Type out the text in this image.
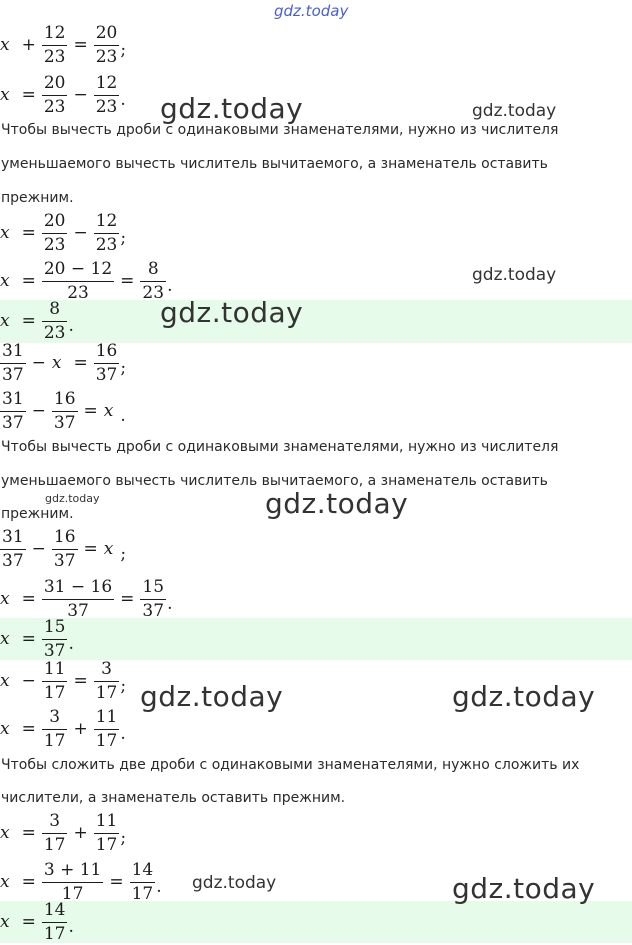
$x + \frac{12}{23} = \frac{20}{23}$ ;
$x = \frac{20}{23} - \frac{12}{23}$ .
Чтобы вычесть дроби с одинаковыми знаменателями, нужно из числителя
уменьшаемого вычесть числитель вычитаемого, а знаменатель оставить
прежним.
$x = \frac{20}{23} - \frac{12}{23}$ ;
$x = \frac{20 - 12}{23} = \frac{8}{23}$ .
$x = \frac{8}{23}$ .
$\frac{31}{37} - x = \frac{16}{37}$ ;
$\frac{31}{37} - \frac{16}{37} = x$ .
Чтобы вычесть дроби с одинаковыми знаменателями, нужно из числителя
уменьшаемого вычесть числитель вычитаемого, а знаменатель оставить
прежним.
$\frac{31}{37} - \frac{16}{37} = x$ ;
$x = \frac{31 - 16}{37} = \frac{15}{37}$ .
$x = \frac{15}{37}$ .
$x - \frac{11}{17} = \frac{3}{17}$ ;
$x = \frac{3}{17} + \frac{11}{17}$ .
Чтобы сложить две дроби с одинаковыми знаменателями, нужно сложить их
числители, а знаменатель оставить прежним.
$x = \frac{3}{17} + \frac{11}{17}$ ;
$x = \frac{3 + 11}{17} = \frac{14}{17}$ .
$x = \frac{14}{17}$ .
gdz.today
gdz.today	gdz.today
gdz.today
gdz.today
gdz.today	gdz.today
gdz.today	gdz.today
gdz.today	gdz.today
